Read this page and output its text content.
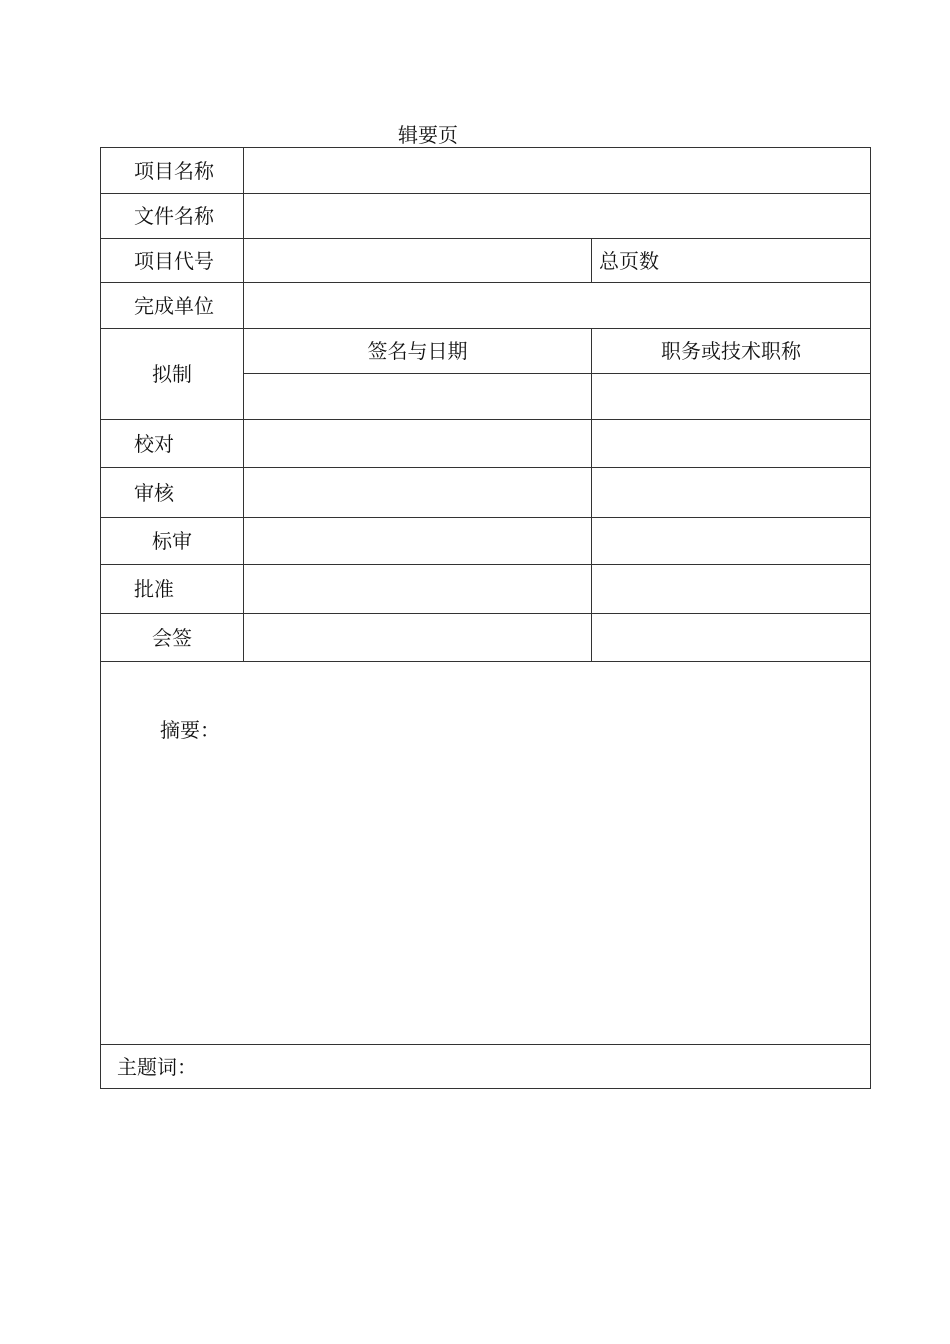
辑要页
项目名称		
文件名称		
项目代号		总页数
完成单位		
拟制	签名与日期	职务或技术职称

校对		
审核		
标审		
批准		
会签		

摘要：		

主题词：		
